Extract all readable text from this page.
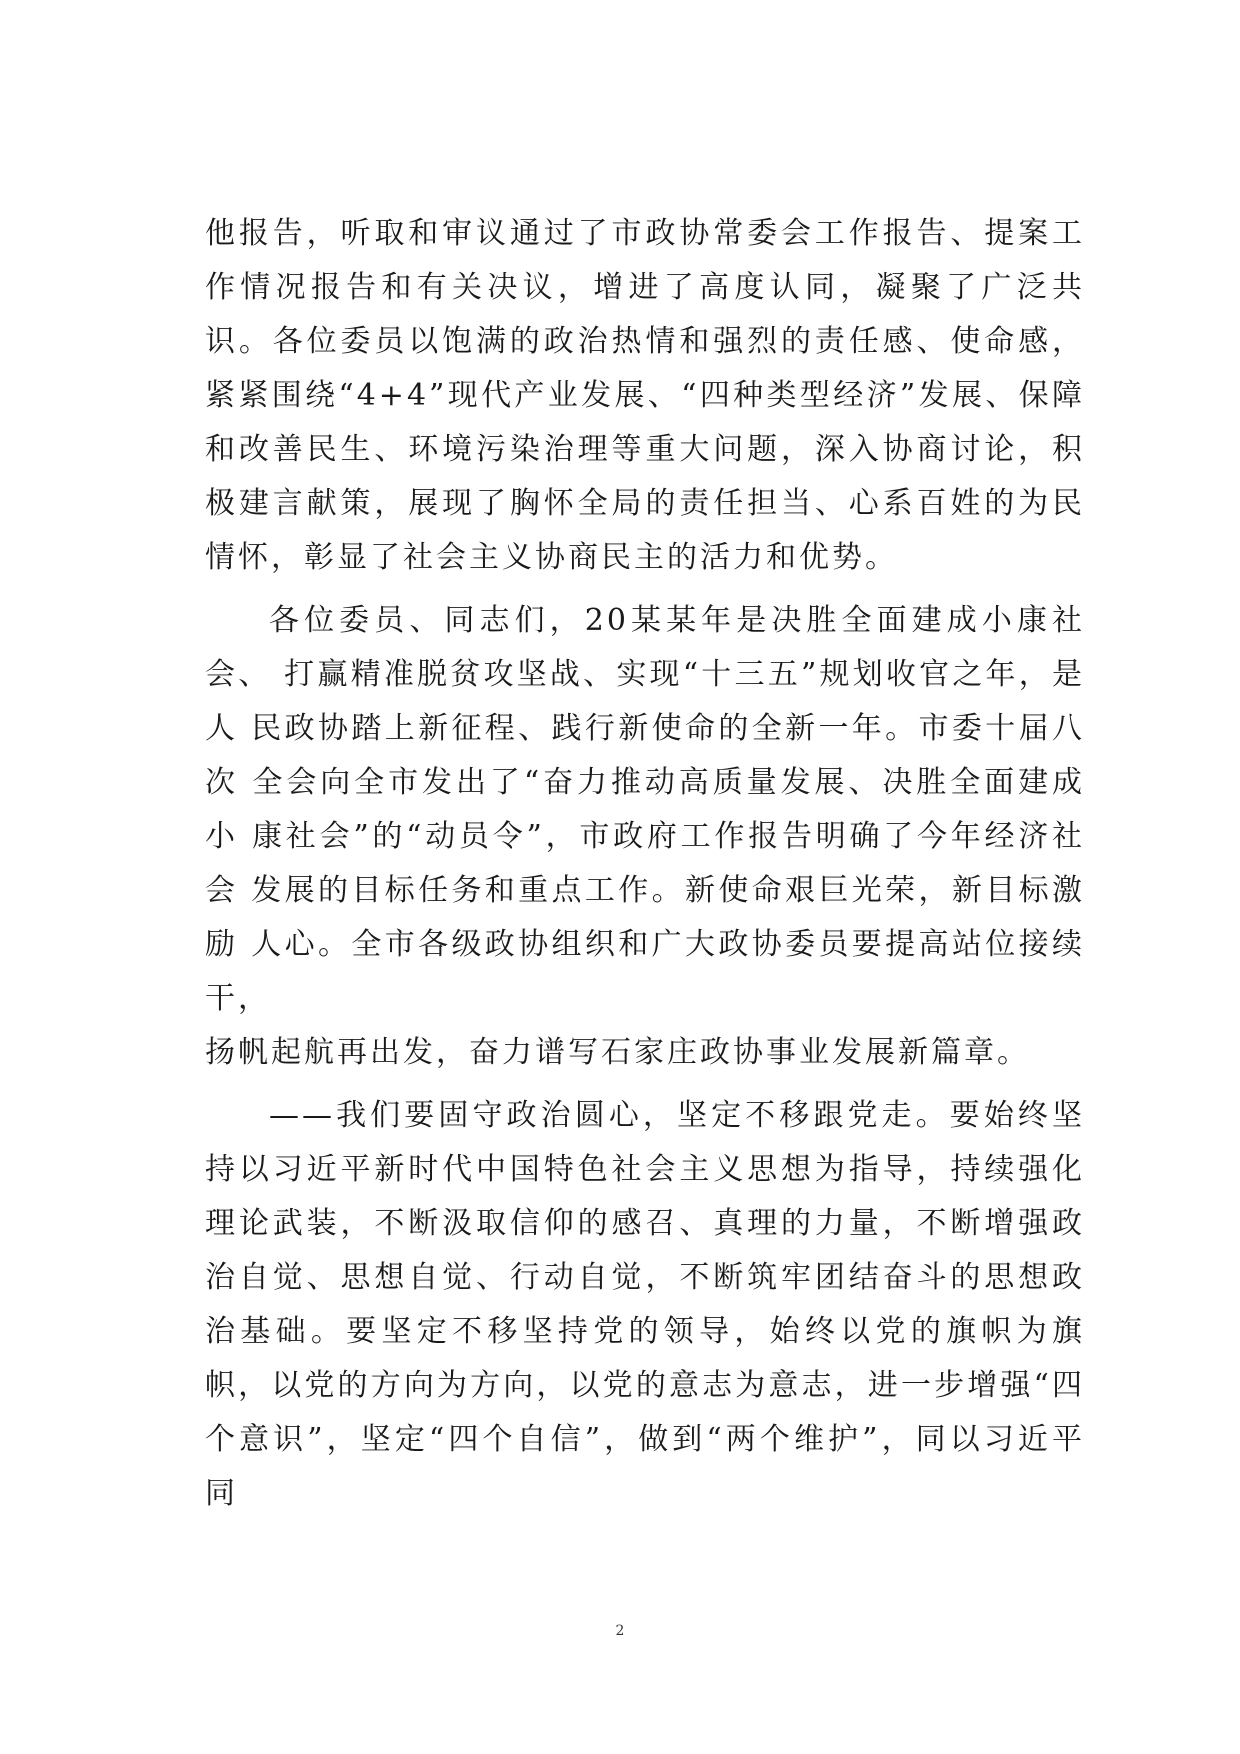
他报告，听取和审议通过了市政协常委会工作报告、提案工作情况报告和有关决议，增进了高度认同，凝聚了广泛共识。各位委员以饱满的政治热情和强烈的责任感、使命感，紧紧围绕“4+4”现代产业发展、“四种类型经济”发展、保障和改善民生、环境污染治理等重大问题，深入协商讨论，积极建言献策，展现了胸怀全局的责任担当、心系百姓的为民情怀，彰显了社会主义协商民主的活力和优势。

各位委员、同志们，20某某年是决胜全面建成小康社会、 打赢精准脱贫攻坚战、实现“十三五”规划收官之年，是人 民政协踏上新征程、践行新使命的全新一年。市委十届八次 全会向全市发出了“奋力推动高质量发展、决胜全面建成小 康社会”的“动员令”，市政府工作报告明确了今年经济社会 发展的目标任务和重点工作。新使命艰巨光荣，新目标激励 人心。全市各级政协组织和广大政协委员要提高站位接续干，
扬帆起航再出发，奋力谱写石家庄政协事业发展新篇章。

——我们要固守政治圆心，坚定不移跟党走。要始终坚持以习近平新时代中国特色社会主义思想为指导，持续强化理论武装，不断汲取信仰的感召、真理的力量，不断增强政治自觉、思想自觉、行动自觉，不断筑牢团结奋斗的思想政治基础。要坚定不移坚持党的领导，始终以党的旗帜为旗帜，以党的方向为方向，以党的意志为意志，进一步增强“四个意识”，坚定“四个自信”，做到“两个维护”，同以习近平同

2
